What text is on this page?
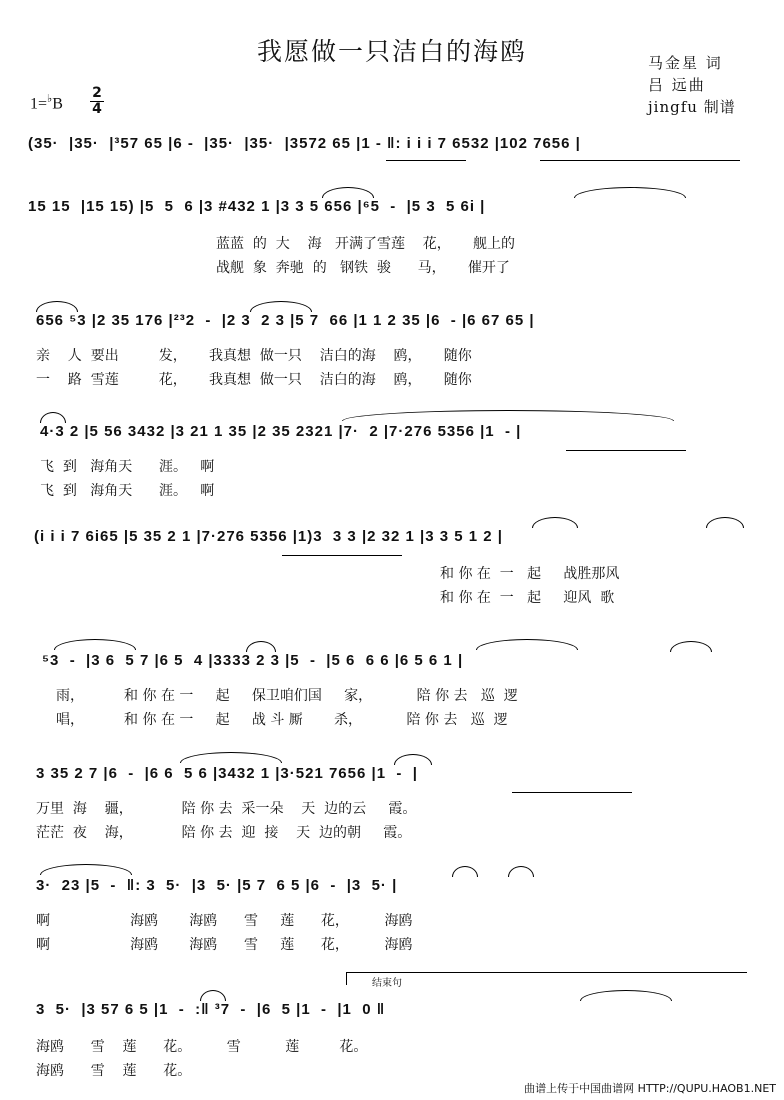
我愿做一只洁白的海鸥	马金星 词
吕 远曲
jingfu 制谱
1=♭B
2
4
(35·  |35·  |³57 65 |6 -  |35·  |35·  |3572 65 |1 - ‖: i i i 7 6532 |102 7656 |
15 15  |15 15) |5  5  6 |3 #432 1 |3 3 5 656 |⁶5  -  |5 3  5 6i |
蓝蓝  的  大    海   开满了雪莲    花，     舰上的
战舰  象  奔驰  的   钢铁  骏      马，     催开了
656 ⁵3 |2 35 176 |²³2  -  |2 3  2 3 |5 7  66 |1 1 2 35 |6  - |6 67 65 |
亲    人  要出         发，     我真想  做一只    洁白的海    鸥，     随你
一    路  雪莲         花，     我真想  做一只    洁白的海    鸥，     随你
4·3 2 |5 56 3432 |3 21 1 35 |2 35 2321 |7·  2 |7·276 5356 |1  - |
飞  到   海角天      涯。   啊
飞  到   海角天      涯。   啊
(i i i 7 6i65 |5 35 2 1 |7·276 5356 |1)3  3 3 |2 32 1 |3 3 5 1 2 |
和 你 在  一   起     战胜那风
和 你 在  一   起     迎风  歌
⁵3  -  |3 6  5 7 |6 5  4 |3333 2 3 |5  -  |5 6  6 6 |6 5 6 1 |
雨，         和 你 在 一     起     保卫咱们国     家，          陪 你 去   巡  逻
唱，         和 你 在 一     起     战 斗 厮       杀，          陪 你 去   巡  逻
3 35 2 7 |6  -  |6 6  5 6 |3432 1 |3·521 7656 |1  -  |
万里  海    疆，           陪 你 去  采一朵    天  边的云     霞。
茫茫  夜    海，           陪 你 去  迎  接    天  边的朝     霞。
3·  23 |5  -  ‖: 3  5·  |3  5· |5 7  6 5 |6  -  |3  5· |
啊                  海鸥       海鸥      雪     莲      花，        海鸥
啊                  海鸥       海鸥      雪     莲      花，        海鸥
结束句
3  5·  |3 57 6 5 |1  -  :‖ ³7  -  |6  5 |1  -  |1  0 ‖
海鸥      雪    莲      花。        雪          莲         花。
海鸥      雪    莲      花。
曲谱上传于中国曲谱网 HTTP://QUPU.HAOB1.NET
